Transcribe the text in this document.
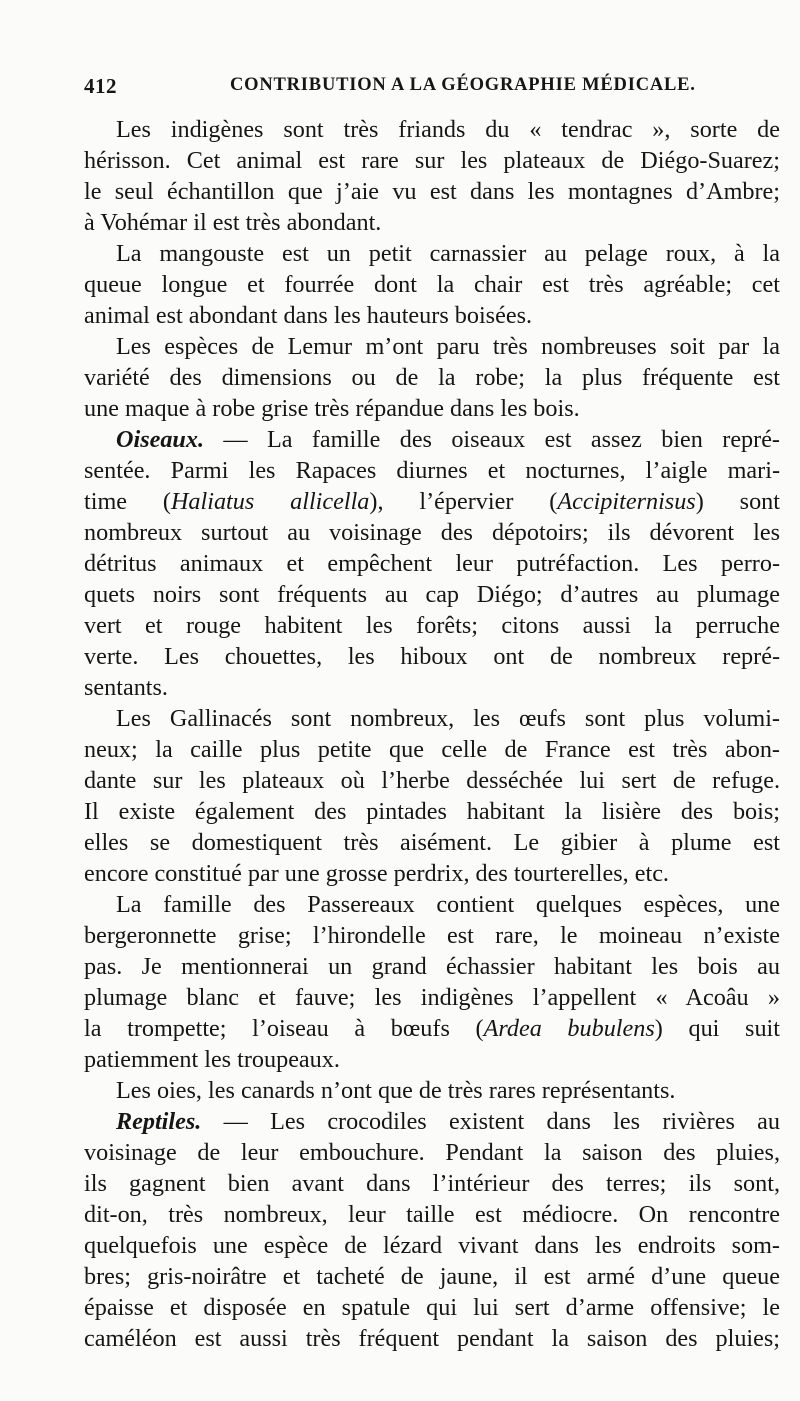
412	CONTRIBUTION A LA GÉOGRAPHIE MÉDICALE.
Les indigènes sont très friands du « tendrac », sorte de
hérisson. Cet animal est rare sur les plateaux de Diégo-Suarez;
le seul échantillon que j’aie vu est dans les montagnes d’Ambre;
à Vohémar il est très abondant.
La mangouste est un petit carnassier au pelage roux, à la
queue longue et fourrée dont la chair est très agréable; cet
animal est abondant dans les hauteurs boisées.
Les espèces de Lemur m’ont paru très nombreuses soit par la
variété des dimensions ou de la robe; la plus fréquente est
une maque à robe grise très répandue dans les bois.
Oiseaux. — La famille des oiseaux est assez bien repré-
sentée. Parmi les Rapaces diurnes et nocturnes, l’aigle mari-
time (Haliatus allicella), l’épervier (Accipiternisus) sont
nombreux surtout au voisinage des dépotoirs; ils dévorent les
détritus animaux et empêchent leur putréfaction. Les perro-
quets noirs sont fréquents au cap Diégo; d’autres au plumage
vert et rouge habitent les forêts; citons aussi la perruche
verte. Les chouettes, les hiboux ont de nombreux repré-
sentants.
Les Gallinacés sont nombreux, les œufs sont plus volumi-
neux; la caille plus petite que celle de France est très abon-
dante sur les plateaux où l’herbe desséchée lui sert de refuge.
Il existe également des pintades habitant la lisière des bois;
elles se domestiquent très aisément. Le gibier à plume est
encore constitué par une grosse perdrix, des tourterelles, etc.
La famille des Passereaux contient quelques espèces, une
bergeronnette grise; l’hirondelle est rare, le moineau n’existe
pas. Je mentionnerai un grand échassier habitant les bois au
plumage blanc et fauve; les indigènes l’appellent « Acoâu »
la trompette; l’oiseau à bœufs (Ardea bubulens) qui suit
patiemment les troupeaux.
Les oies, les canards n’ont que de très rares représentants.
Reptiles. — Les crocodiles existent dans les rivières au
voisinage de leur embouchure. Pendant la saison des pluies,
ils gagnent bien avant dans l’intérieur des terres; ils sont,
dit-on, très nombreux, leur taille est médiocre. On rencontre
quelquefois une espèce de lézard vivant dans les endroits som-
bres; gris-noirâtre et tacheté de jaune, il est armé d’une queue
épaisse et disposée en spatule qui lui sert d’arme offensive; le
caméléon est aussi très fréquent pendant la saison des pluies;
